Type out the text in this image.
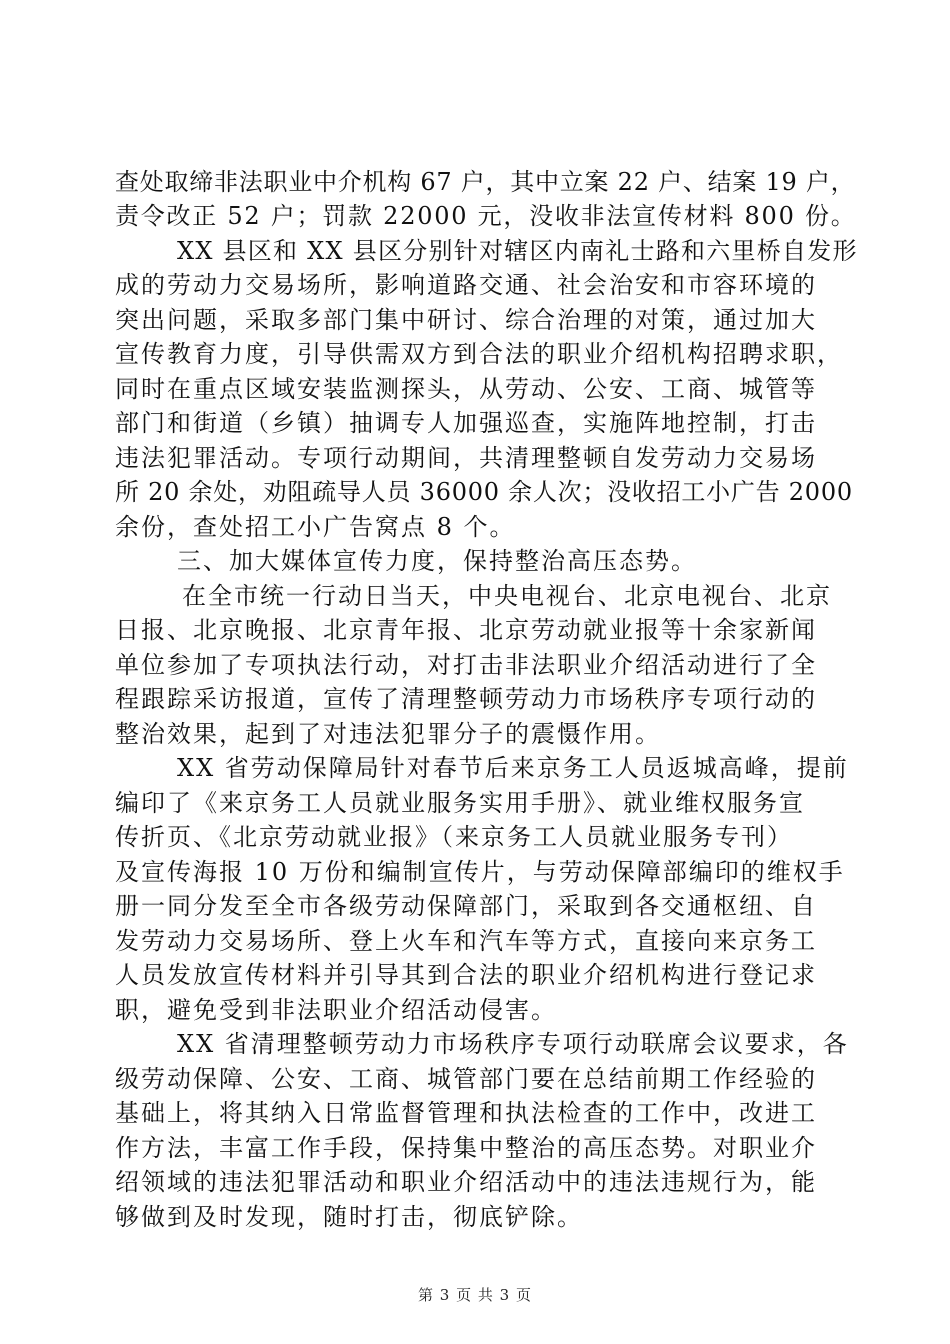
查处取缔非法职业中介机构 67 户，其中立案 22 户、结案 19 户，
责令改正 52 户；罚款 22000 元，没收非法宣传材料 800 份。
XX 县区和 XX 县区分别针对辖区内南礼士路和六里桥自发形
成的劳动力交易场所，影响道路交通、社会治安和市容环境的
突出问题，采取多部门集中研讨、综合治理的对策，通过加大
宣传教育力度，引导供需双方到合法的职业介绍机构招聘求职，
同时在重点区域安装监测探头，从劳动、公安、工商、城管等
部门和街道（乡镇）抽调专人加强巡查，实施阵地控制，打击
违法犯罪活动。专项行动期间，共清理整顿自发劳动力交易场
所 20 余处，劝阻疏导人员 36000 余人次；没收招工小广告 2000
余份，查处招工小广告窝点 8 个。
三、加大媒体宣传力度，保持整治高压态势。
在全市统一行动日当天，中央电视台、北京电视台、北京
日报、北京晚报、北京青年报、北京劳动就业报等十余家新闻
单位参加了专项执法行动，对打击非法职业介绍活动进行了全
程跟踪采访报道，宣传了清理整顿劳动力市场秩序专项行动的
整治效果，起到了对违法犯罪分子的震慑作用。
XX 省劳动保障局针对春节后来京务工人员返城高峰，提前
编印了《来京务工人员就业服务实用手册》、就业维权服务宣
传折页、《北京劳动就业报》（来京务工人员就业服务专刊）
及宣传海报 10 万份和编制宣传片，与劳动保障部编印的维权手
册一同分发至全市各级劳动保障部门，采取到各交通枢纽、自
发劳动力交易场所、登上火车和汽车等方式，直接向来京务工
人员发放宣传材料并引导其到合法的职业介绍机构进行登记求
职，避免受到非法职业介绍活动侵害。
XX 省清理整顿劳动力市场秩序专项行动联席会议要求，各
级劳动保障、公安、工商、城管部门要在总结前期工作经验的
基础上，将其纳入日常监督管理和执法检查的工作中，改进工
作方法，丰富工作手段，保持集中整治的高压态势。对职业介
绍领域的违法犯罪活动和职业介绍活动中的违法违规行为，能
够做到及时发现，随时打击，彻底铲除。
第 3 页 共 3 页
